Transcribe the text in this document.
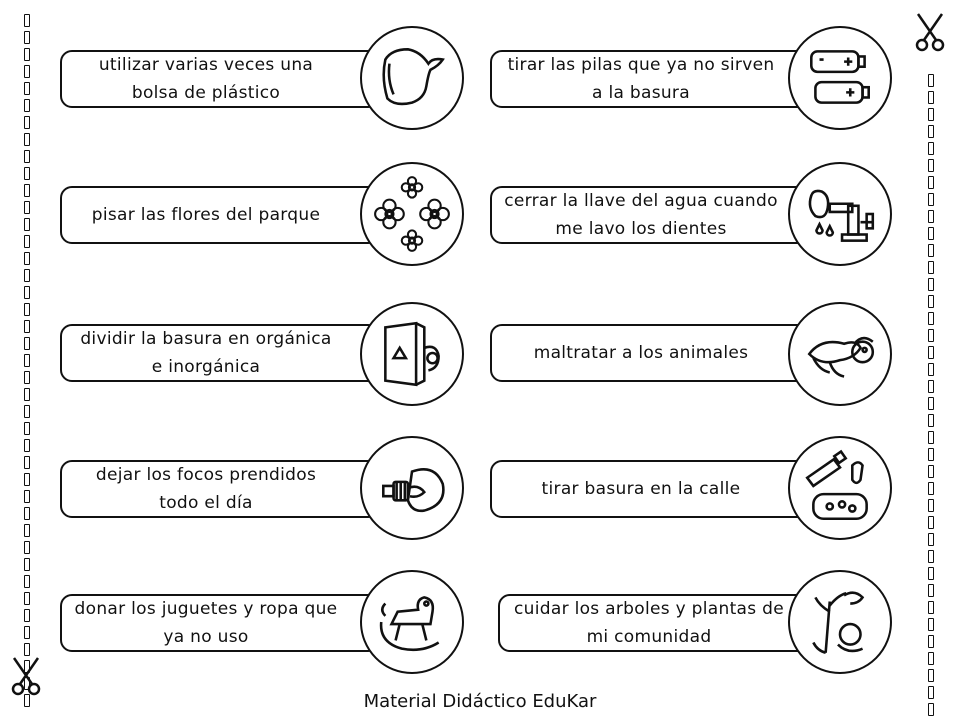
utilizar varias veces una bolsa de plástico
tirar las pilas que ya no sirven a la basura
pisar las flores del parque
cerrar la llave del agua cuando me lavo los dientes
dividir la basura en orgánica e inorgánica
maltratar a los animales
dejar los focos prendidos todo el día
tirar basura en la calle
donar los juguetes y ropa que ya no uso
cuidar los arboles y plantas de mi comunidad
Material Didáctico EduKar
